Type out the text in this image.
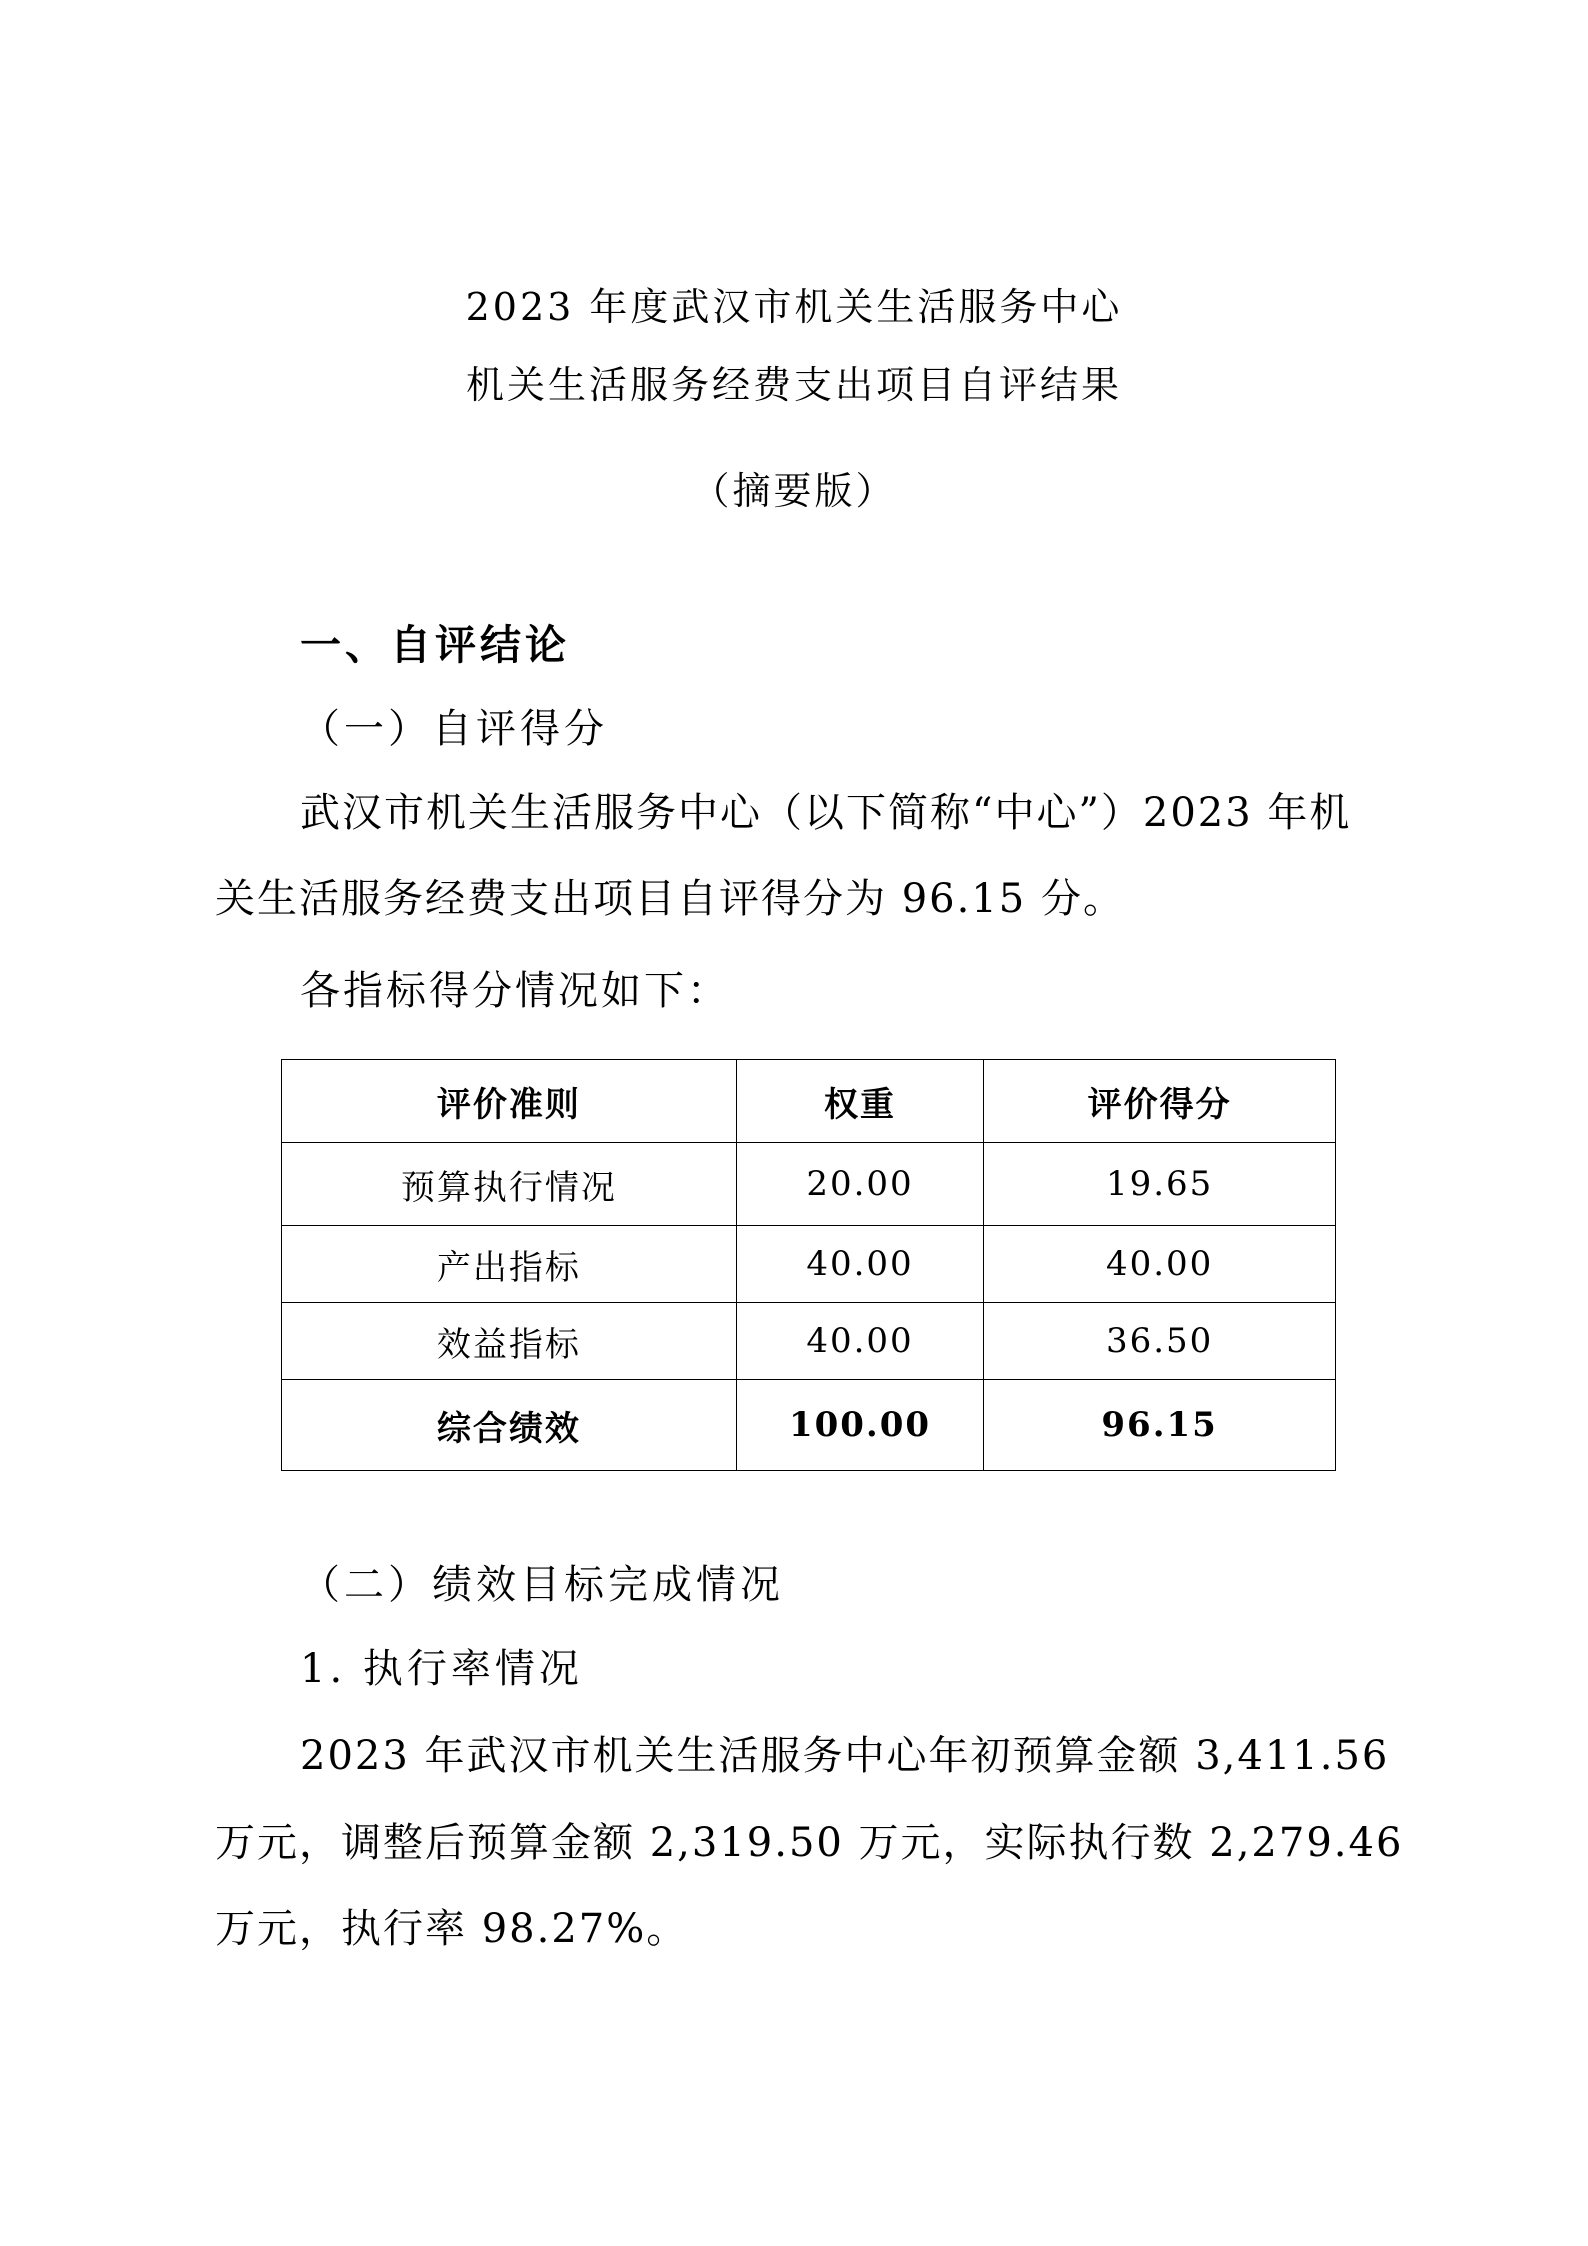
2023 年度武汉市机关生活服务中心
机关生活服务经费支出项目自评结果
（摘要版）
一、自评结论
（一）自评得分
武汉市机关生活服务中心（以下简称“中心”）2023 年机
关生活服务经费支出项目自评得分为 96.15 分。
各指标得分情况如下：
评价准则	权重	评价得分
预算执行情况	20.00	19.65
产出指标	40.00	40.00
效益指标	40.00	36.50
综合绩效	100.00	96.15
（二）绩效目标完成情况
1. 执行率情况
2023 年武汉市机关生活服务中心年初预算金额 3,411.56
万元，调整后预算金额 2,319.50 万元，实际执行数 2,279.46
万元，执行率 98.27%。
